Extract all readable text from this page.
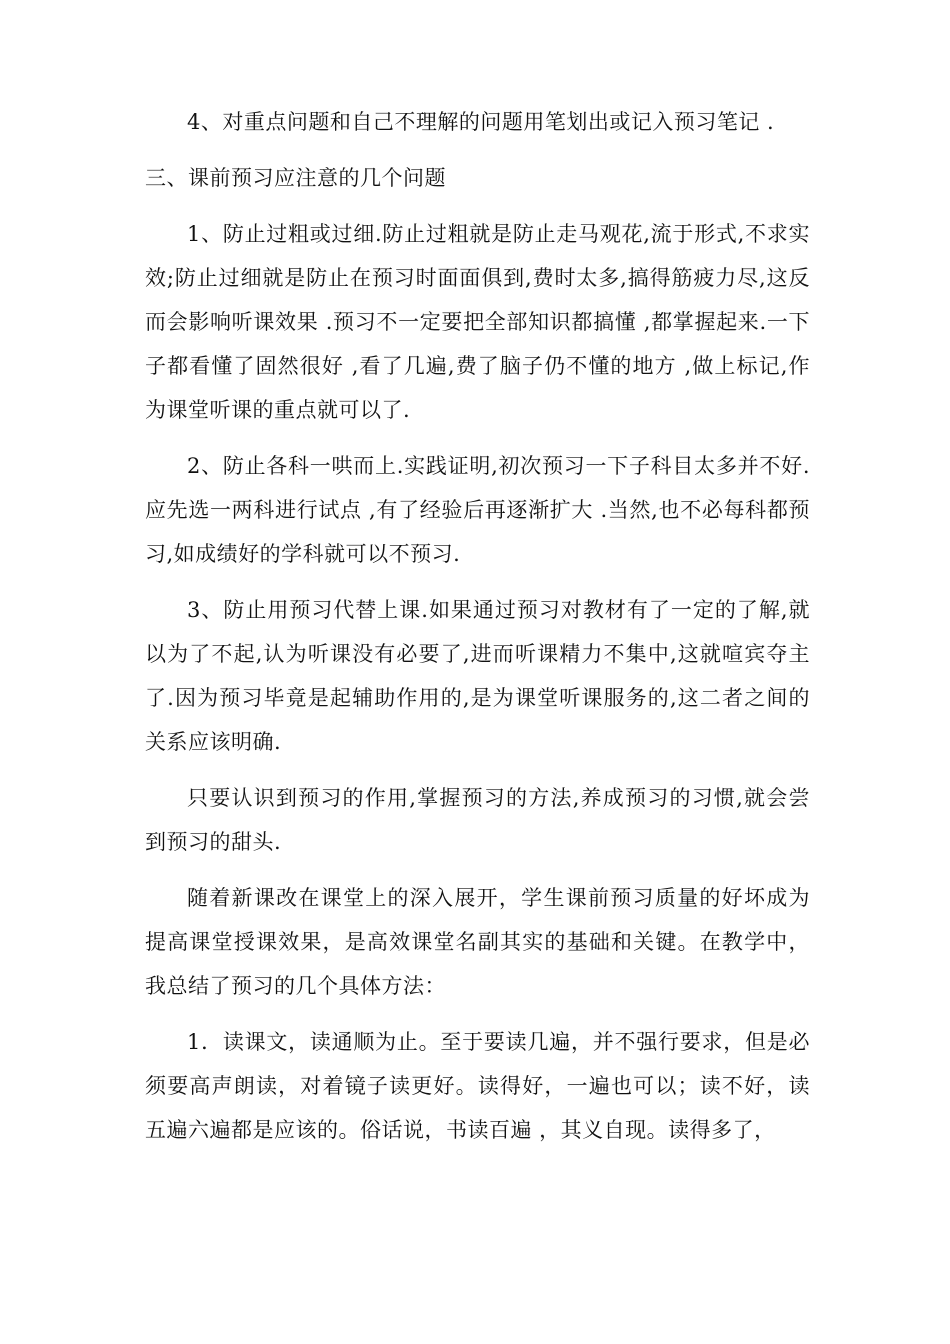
4、对重点问题和自己不理解的问题用笔划出或记入预习笔记 .

三、课前预习应注意的几个问题

1、防止过粗或过细.防止过粗就是防止走马观花,流于形式,不求实效;防止过细就是防止在预习时面面俱到,费时太多,搞得筋疲力尽,这反而会影响听课效果 .预习不一定要把全部知识都搞懂 ,都掌握起来.一下子都看懂了固然很好 ,看了几遍,费了脑子仍不懂的地方 ,做上标记,作为课堂听课的重点就可以了.

2、防止各科一哄而上.实践证明,初次预习一下子科目太多并不好.应先选一两科进行试点 ,有了经验后再逐渐扩大 .当然,也不必每科都预习,如成绩好的学科就可以不预习.

3、防止用预习代替上课.如果通过预习对教材有了一定的了解,就以为了不起,认为听课没有必要了,进而听课精力不集中,这就喧宾夺主了.因为预习毕竟是起辅助作用的,是为课堂听课服务的,这二者之间的关系应该明确.

只要认识到预习的作用,掌握预习的方法,养成预习的习惯,就会尝到预习的甜头.

随着新课改在课堂上的深入展开，学生课前预习质量的好坏成为提高课堂授课效果，是高效课堂名副其实的基础和关键。在教学中，我总结了预习的几个具体方法：

1．读课文，读通顺为止。至于要读几遍，并不强行要求，但是必须要高声朗读，对着镜子读更好。读得好，一遍也可以；读不好，读五遍六遍都是应该的。俗话说，书读百遍 ，其义自现。读得多了，
